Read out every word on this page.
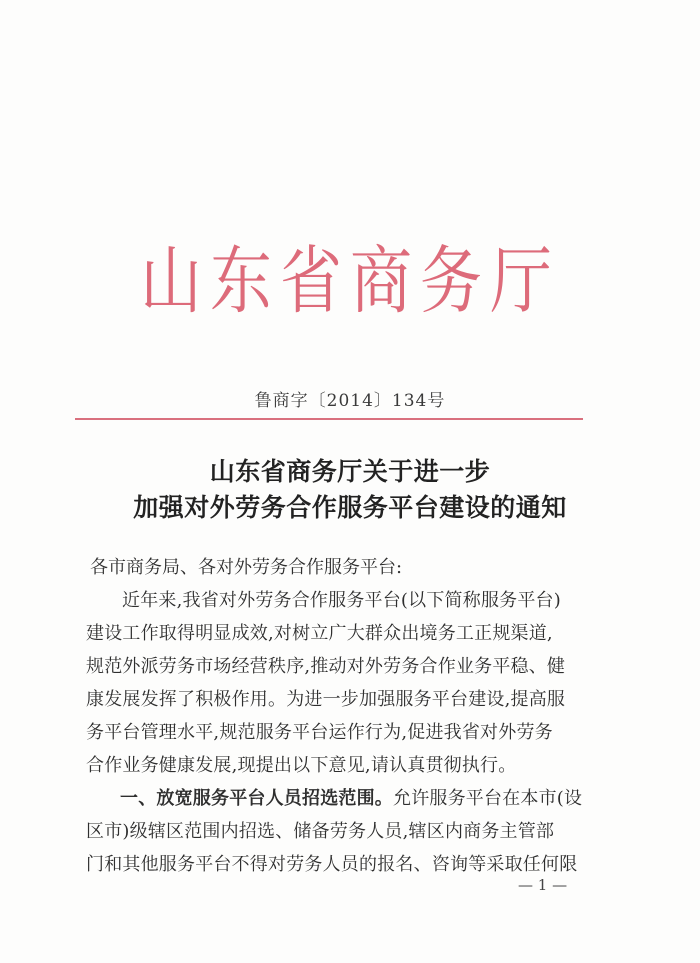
山东省商务厅
鲁商字〔2014〕134号
山东省商务厅关于进一步
加强对外劳务合作服务平台建设的通知
各市商务局、各对外劳务合作服务平台:
近年来,我省对外劳务合作服务平台(以下简称服务平台)
建设工作取得明显成效,对树立广大群众出境务工正规渠道,
规范外派劳务市场经营秩序,推动对外劳务合作业务平稳、健
康发展发挥了积极作用。为进一步加强服务平台建设,提高服
务平台管理水平,规范服务平台运作行为,促进我省对外劳务
合作业务健康发展,现提出以下意见,请认真贯彻执行。
一、放宽服务平台人员招选范围。允许服务平台在本市(设
区市)级辖区范围内招选、储备劳务人员,辖区内商务主管部
门和其他服务平台不得对劳务人员的报名、咨询等采取任何限
— 1 —
